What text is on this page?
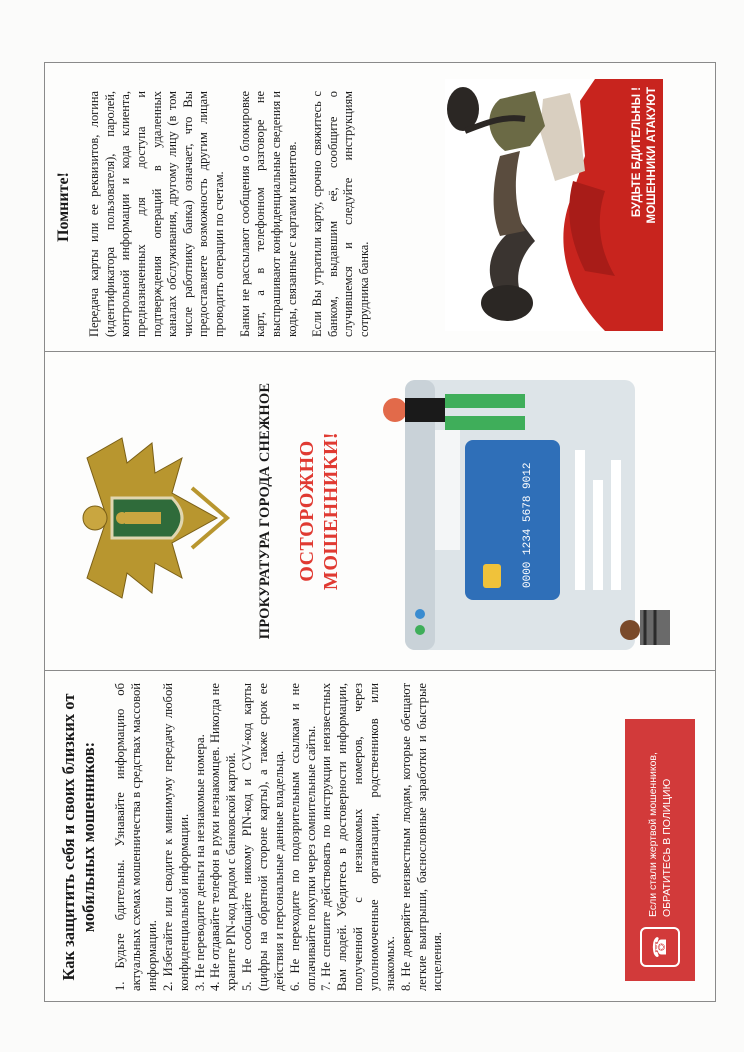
Помните! Передача карты или ее реквизитов, логина (идентификатора пользователя), паролей, контрольной информации и кода клиента, предназначенных для доступа и подтверждения операций в удаленных каналах обслуживания, другому лицу (в том числе работнику банка) означает, что Вы предоставляете возможность другим лицам проводить операции по счетам. Банки не рассылают сообщения о блокировке карт, а в телефонном разговоре не выспрашивают конфиденциальные сведения и коды, связанные с картами клиентов. Если Вы утратили карту, срочно свяжитесь с банком, выдавшим её, сообщите о случившемся и следуйте инструкциям сотрудника банка.

БУДЬТЕ БДИТЕЛЬНЫ ! МОШЕННИКИ АТАКУЮТ
ПРОКУРАТУРА ГОРОДА СНЕЖНОЕ ОСТОРОЖНО МОШЕННИКИ!	0000 1234 5678 9012
Как защитить себя и своих близких от мобильных мошенников: 1. Будьте бдительны. Узнавайте информацию об актуальных схемах мошенничества в средствах массовой информации. 2. Избегайте или сводите к минимуму передачу любой конфиденциальной информации. 3. Не переводите деньги на незнакомые номера. 4. Не отдавайте телефон в руки незнакомцев. Никогда не храните PIN-код рядом с банковской картой. 5. Не сообщайте никому PIN-код и CVV-код карты (цифры на обратной стороне карты), а также срок ее действия и персональные данные владельца. 6. Не переходите по подозрительным ссылкам и не оплачивайте покупки через сомнительные сайты. 7. Не спешите действовать по инструкции неизвестных Вам людей. Убедитесь в достоверности информации, полученной с незнакомых номеров, через уполномоченные организации, родственников или знакомых. 8. Не доверяйте неизвестным людям, которые обещают легкие выигрыши, баснословные заработки и быстрые исцеления.	☎
Если стали жертвой мошенников, ОБРАТИТЕСЬ В ПОЛИЦИЮ
